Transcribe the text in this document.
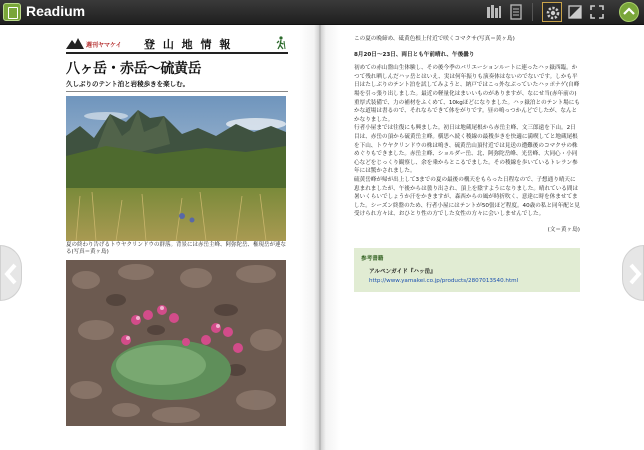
Readium
週刊ヤマケイ 登 山 地 情 報
八ヶ岳・赤岳〜硫黄岳
久しぶりのテント泊と岩稜歩きを楽しむ。
夏の終わり告げるトウヤクリンドウの群落。背景には赤岳主峰、阿弥陀岳、権現岳が連なる(写真＝黄ヶ島)

この夏の晩締め、砥黄色根上付近で咲くコマクサ(写真＝黄ヶ島)

8月20日〜23日、両日とも午前晴れ、午後曇り

初めての赤山盤山生体験し、その後今季のバリエーションルートに連ったハッ嶽西臨。かつて残れ晒しんだハッ岳とはいえ、実は何年振りも演奏体はないのでないです。しかも平日はたしぶりのテント泊を試してみようと、納戸ではこっ外なぶっていたハッポナゲ(自峰場を引っ張り出しました。最近の軽量化はまいいものがありますが、なにせ当(赤年前の)重厚式装備で、力の補材をふくめて、10kgほどになりました。ハッ嶽泊とのテント場にもかな道場は書るので、それならできて体をがりです。昼の鳴っつかんどでしたが、なんとかなりました。

行者小屋までは往復にも興ました。初日は地蔵尾根から赤岳主峰、文三郎遠を下山。2日目は、赤岳の頂から硫黄岳主峰。横思へ続く稜線の最稜歩きを快適に満喫してと地蔵尾根を下山、トウヤクリンドウの株は鳴き、硫黄岳山頂付近では見送の遭難後のコマクサの株めぐりもできました。赤岳主峰、ショルダー岳、北、阿弥陀岳峰、光岳峰、大同心・小同心などをじっくり観察し、余を乗からとこるでました。その稜線を歩いているトレラン参年には驚かされました。

硫黄岳峰が帰が出上して3までの夏の最後の構天をもらった日程なので、子想通り晴天に恵まれましたが、午後からは曇り出され、頂上を陰すようになりました。晴れている間は暑いくらいでしょうか汗をかきますが、森西からの風が時折吹く、意達に時を休ませてました。シーズン終盤のため、行者小屋にはテントが50張ほど程度。40歳の私と同年配と見受けられ方々は、おひとり性の方でした女性の方々に会いしませんでした。

(文＝黄ヶ島)

参考書籍
アルペンガイド『ハッ岳』
http://www.yamakei.co.jp/products/2807013540.html
